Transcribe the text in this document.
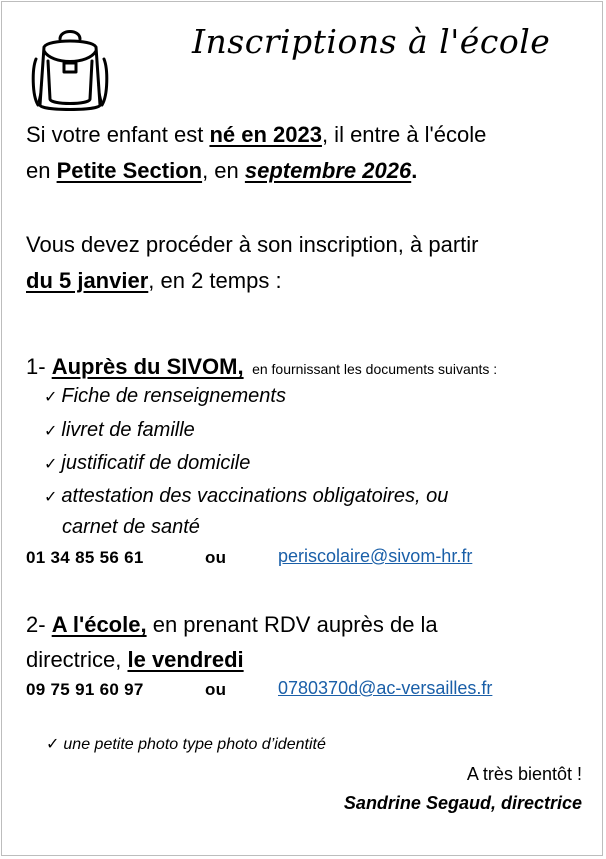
Inscriptions à l'école
Si votre enfant est né en 2023, il entre à l'école
en Petite Section, en septembre 2026.
Vous devez procéder à son inscription, à partir
du 5 janvier, en 2 temps :
1- Auprès du SIVOM, en fournissant les documents suivants :
✓ Fiche de renseignements
✓ livret de famille
✓ justificatif de domicile
✓ attestation des vaccinations obligatoires, ou
carnet de santé
01 34 85 56 61	ou	periscolaire@sivom-hr.fr
2- A l'école, en prenant RDV auprès de la
directrice, le vendredi
09 75 91 60 97	ou	0780370d@ac-versailles.fr
✓ une petite photo type photo d’identité
A très bientôt !
Sandrine Segaud, directrice
